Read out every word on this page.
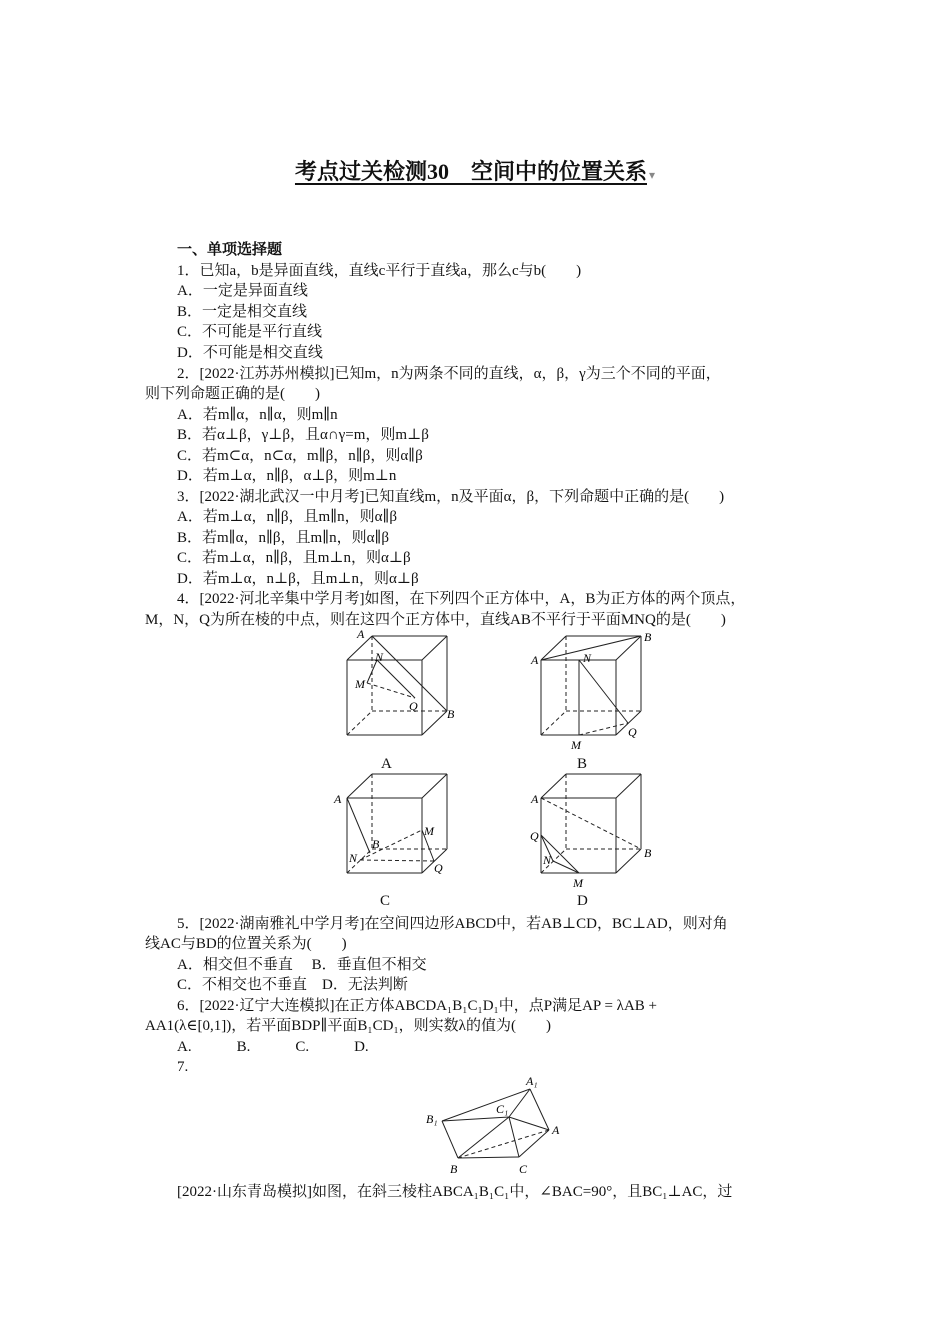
考点过关检测30　空间中的位置关系 ▾
一、单项选择题
1．已知a，b是异面直线，直线c平行于直线a，那么c与b(　　)
A．一定是异面直线
B．一定是相交直线
C．不可能是平行直线
D．不可能是相交直线
2．[2022·江苏苏州模拟]已知m，n为两条不同的直线，α，β，γ为三个不同的平面，
则下列命题正确的是(　　)
A．若m∥α，n∥α，则m∥n
B．若α⊥β，γ⊥β，且α∩γ=m，则m⊥β
C．若m⊂α，n⊂α，m∥β，n∥β，则α∥β
D．若m⊥α，n∥β，α⊥β，则m⊥n
3．[2022·湖北武汉一中月考]已知直线m，n及平面α，β，下列命题中正确的是(　　)
A．若m⊥α，n∥β，且m∥n，则α∥β
B．若m∥α，n∥β，且m∥n，则α∥β
C．若m⊥α，n∥β，且m⊥n，则α⊥β
D．若m⊥α，n⊥β，且m⊥n，则α⊥β
4．[2022·河北辛集中学月考]如图，在下列四个正方体中，A，B为正方体的两个顶点，
M，N，Q为所在棱的中点，则在这四个正方体中，直线AB不平行于平面MNQ的是(　　)
A
N
M
Q
B
A
A	N
B
M
Q
B
A
M
B
N
Q
C
A
Q
N	B
M
D
5．[2022·湖南雅礼中学月考]在空间四边形ABCD中，若AB⊥CD，BC⊥AD，则对角
线AC与BD的位置关系为(　　)
A．相交但不垂直　 B．垂直但不相交
C．不相交也不垂直　D．无法判断
6．[2022·辽宁大连模拟]在正方体ABCDA₁B₁C₁D₁中，点P满足AP = λAB +
AA1(λ∈[0,1])，若平面BDP∥平面B₁CD₁，则实数λ的值为(　　)
A.　　　B.　　　C.　　　D.
7.
A₁
B₁
C₁
A
B	C
[2022·山东青岛模拟]如图，在斜三棱柱ABCA₁B₁C₁中，∠BAC=90°，且BC₁⊥AC，过
